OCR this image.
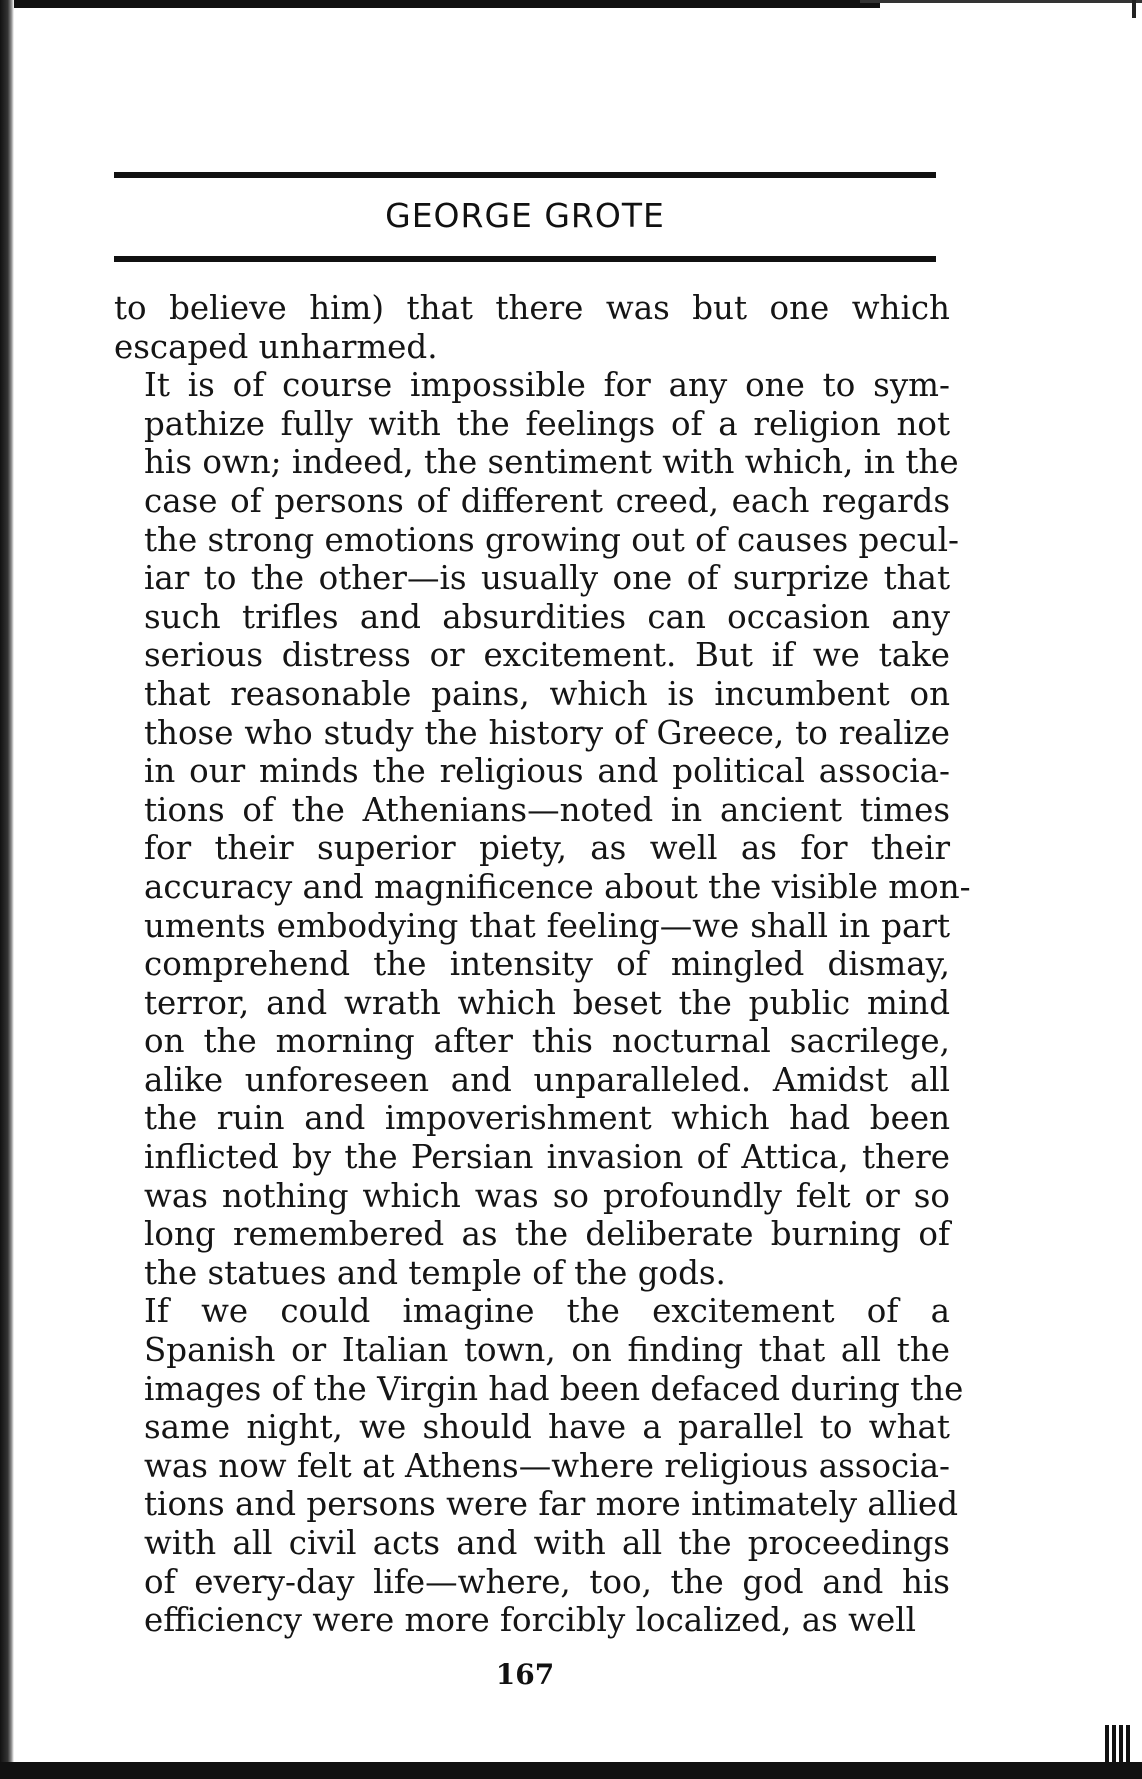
GEORGE GROTE
to believe him) that there was but one which
escaped unharmed.
It is of course impossible for any one to sym-
pathize fully with the feelings of a religion not
his own; indeed, the sentiment with which, in the
case of persons of different creed, each regards
the strong emotions growing out of causes pecul-
iar to the other—is usually one of surprize that
such trifles and absurdities can occasion any
serious distress or excitement. But if we take
that reasonable pains, which is incumbent on
those who study the history of Greece, to realize
in our minds the religious and political associa-
tions of the Athenians—noted in ancient times
for their superior piety, as well as for their
accuracy and magnificence about the visible mon-
uments embodying that feeling—we shall in part
comprehend the intensity of mingled dismay,
terror, and wrath which beset the public mind
on the morning after this nocturnal sacrilege,
alike unforeseen and unparalleled. Amidst all
the ruin and impoverishment which had been
inflicted by the Persian invasion of Attica, there
was nothing which was so profoundly felt or so
long remembered as the deliberate burning of
the statues and temple of the gods.
If we could imagine the excitement of a
Spanish or Italian town, on finding that all the
images of the Virgin had been defaced during the
same night, we should have a parallel to what
was now felt at Athens—where religious associa-
tions and persons were far more intimately allied
with all civil acts and with all the proceedings
of every-day life—where, too, the god and his
efficiency were more forcibly localized, as well
167
